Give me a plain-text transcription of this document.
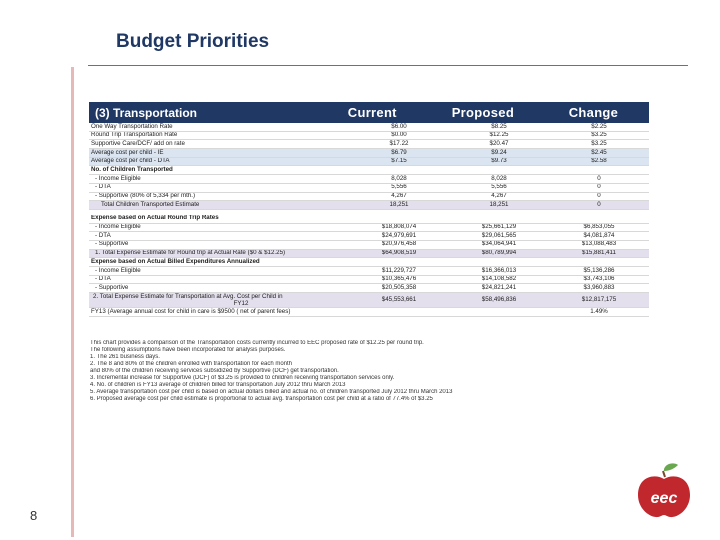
Budget Priorities
(3) Transportation	Current	Proposed	Change
One Way Transportation Rate	$6.00	$8.25	$2.25
Round Trip Transportation Rate	$0.00	$12.25	$3.25
Supportive Care/DCF/ add on rate	$17.22	$20.47	$3.25
Average cost per child - IE	$6.79	$9.24	$2.45
Average cost per child - DTA	$7.15	$9.73	$2.58
No. of Children Transported
- Income Eligible	8,028	8,028	0
- DTA	5,556	5,556	0
- Supportive (80% of 5,334 per mth.)	4,267	4,267	0
Total Children Transported Estimate	18,251	18,251	0
Expense based on Actual Round Trip Rates
- Income Eligible	$18,808,074	$25,661,129	$6,853,055
- DTA	$24,979,691	$29,061,565	$4,081,874
- Supportive	$20,976,458	$34,064,941	$13,088,483
1. Total Expense Estimate for Round trip at Actual Rate ($0 & $12.25)	$64,908,519	$80,789,994	$15,881,411
Expense based on Actual Billed Expenditures Annualized
- Income Eligible	$11,229,727	$16,366,013	$5,136,286
- DTA	$10,365,476	$14,108,582	$3,743,106
- Supportive	$20,505,358	$24,821,241	$3,960,883
2. Total Expense Estimate for Transportation at Avg. Cost per Child in
FY12
$45,553,661	$58,496,836	$12,817,175
FY13 (Average annual cost for child in care is $9500 ( net of parent fees)	1.49%
This chart provides a comparison of the Transportation costs currently incurred to EEC proposed rate of $12.25 per round trip.
The following assumptions have been incorporated for analysis purposes.
1. The 261 business days.
2. The 8 and 80% of the children enrolled with transportation for each month
and 80% of the children receiving services subsidized by Supportive (DCF) get transportation.
3. Incremental increase for Supportive (DCF) of $3.25 is provided to children receiving transportation services only.
4. No. of children is FY13 average of children billed for transportation July 2012 thru March 2013
5. Average transportation cost per child is based on actual dollars billed and actual no. of children transported July 2012 thru March 2013
6. Proposed average cost per child estimate is proportional to actual avg. transportation cost per child at a ratio of 77.4% of $3.25
8
eec
